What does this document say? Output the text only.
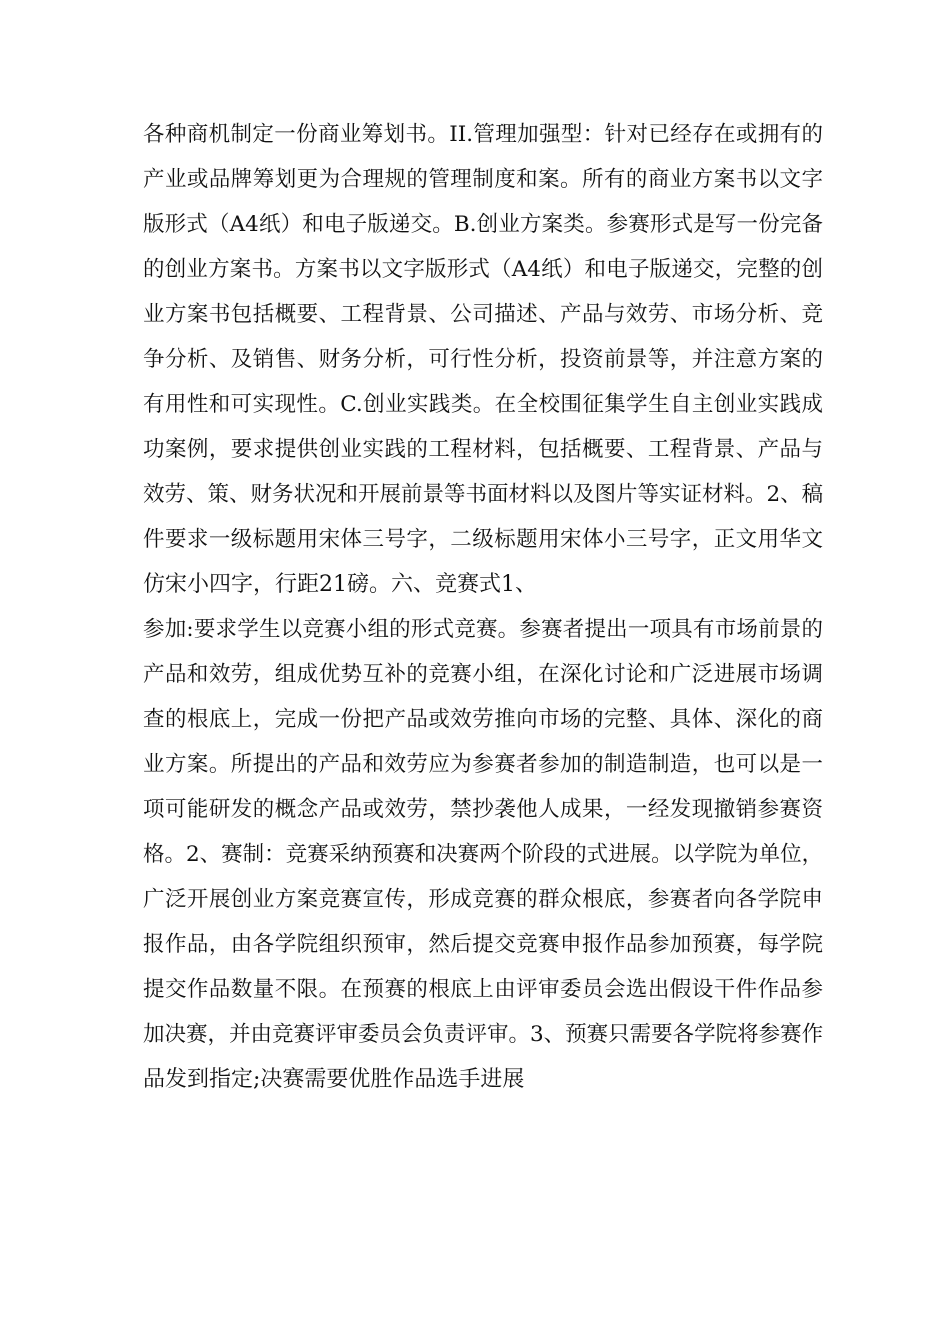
各种商机制定一份商业筹划书。II.管理加强型：针对已经存在或拥有的
产业或品牌筹划更为合理规的管理制度和案。所有的商业方案书以文字
版形式（A4纸）和电子版递交。B.创业方案类。参赛形式是写一份完备
的创业方案书。方案书以文字版形式（A4纸）和电子版递交，完整的创
业方案书包括概要、工程背景、公司描述、产品与效劳、市场分析、竞
争分析、及销售、财务分析，可行性分析，投资前景等，并注意方案的
有用性和可实现性。C.创业实践类。在全校围征集学生自主创业实践成
功案例，要求提供创业实践的工程材料，包括概要、工程背景、产品与
效劳、策、财务状况和开展前景等书面材料以及图片等实证材料。2、稿
件要求一级标题用宋体三号字，二级标题用宋体小三号字，正文用华文
仿宋小四字，行距21磅。六、竞赛式1、
参加:要求学生以竞赛小组的形式竞赛。参赛者提出一项具有市场前景的
产品和效劳，组成优势互补的竞赛小组，在深化讨论和广泛进展市场调
查的根底上，完成一份把产品或效劳推向市场的完整、具体、深化的商
业方案。所提出的产品和效劳应为参赛者参加的制造制造，也可以是一
项可能研发的概念产品或效劳，禁抄袭他人成果，一经发现撤销参赛资
格。2、赛制：竞赛采纳预赛和决赛两个阶段的式进展。以学院为单位，
广泛开展创业方案竞赛宣传，形成竞赛的群众根底，参赛者向各学院申
报作品，由各学院组织预审，然后提交竞赛申报作品参加预赛，每学院
提交作品数量不限。在预赛的根底上由评审委员会选出假设干件作品参
加决赛，并由竞赛评审委员会负责评审。3、预赛只需要各学院将参赛作
品发到指定;决赛需要优胜作品选手进展
